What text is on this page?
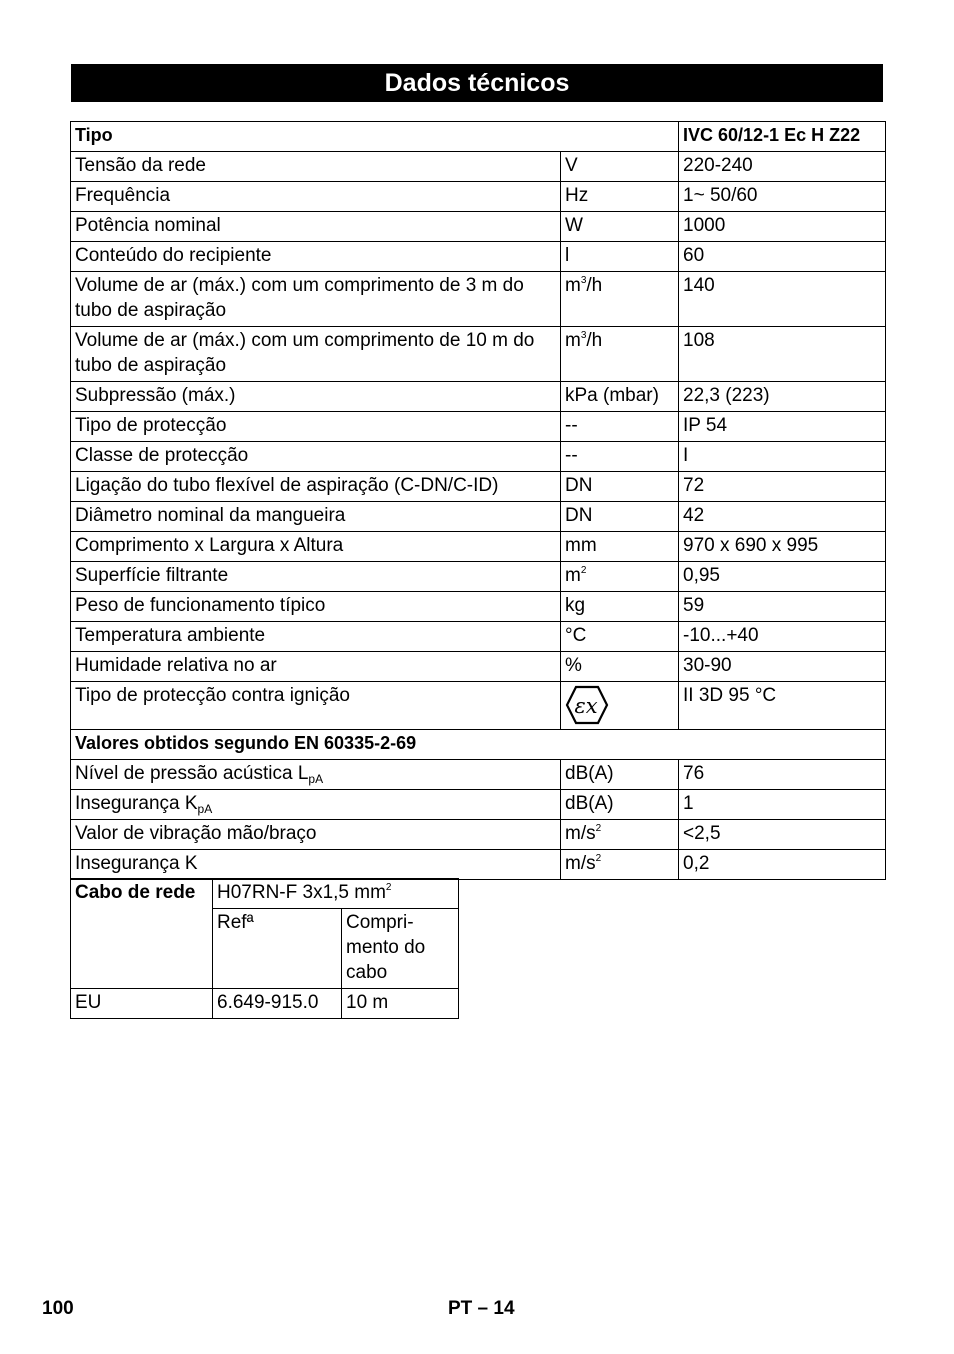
Dados técnicos
Tipo		IVC 60/12-1 Ec H Z22
Tensão da rede	V	220-240
Frequência	Hz	1~ 50/60
Potência nominal	W	1000
Conteúdo do recipiente	l	60
Volume de ar (máx.) com um comprimento de 3 m do tubo de aspiração	$m^3/h$	140
Volume de ar (máx.) com um comprimento de 10 m do tubo de aspiração	$m^3/h$	108
Subpressão (máx.)	kPa (mbar)	22,3 (223)
Tipo de protecção	--	IP 54
Classe de protecção	--	I
Ligação do tubo flexível de aspiração (C-DN/C-ID)	DN	72
Diâmetro nominal da mangueira	DN	42
Comprimento x Largura x Altura	mm	970 x 690 x 995
Superfície filtrante	$m^2$	0,95
Peso de funcionamento típico	kg	59
Temperatura ambiente	°C	-10...+40
Humidade relativa no ar	%	30-90
Tipo de protecção contra ignição	εx	II 3D 95 °C
Valores obtidos segundo EN 60335-2-69		
Nível de pressão acústica $L_{pA}$	dB(A)	76
Insegurança $K_{pA}$	dB(A)	1
Valor de vibração mão/braço	$m/s^2$	<2,5
Insegurança K	$m/s^2$	0,2
Cabo de rede	H07RN-F 3x1,5 $mm^2$
	Refª	Compri-
mento do cabo
EU	6.649-915.0	10 m
100	PT – 14
